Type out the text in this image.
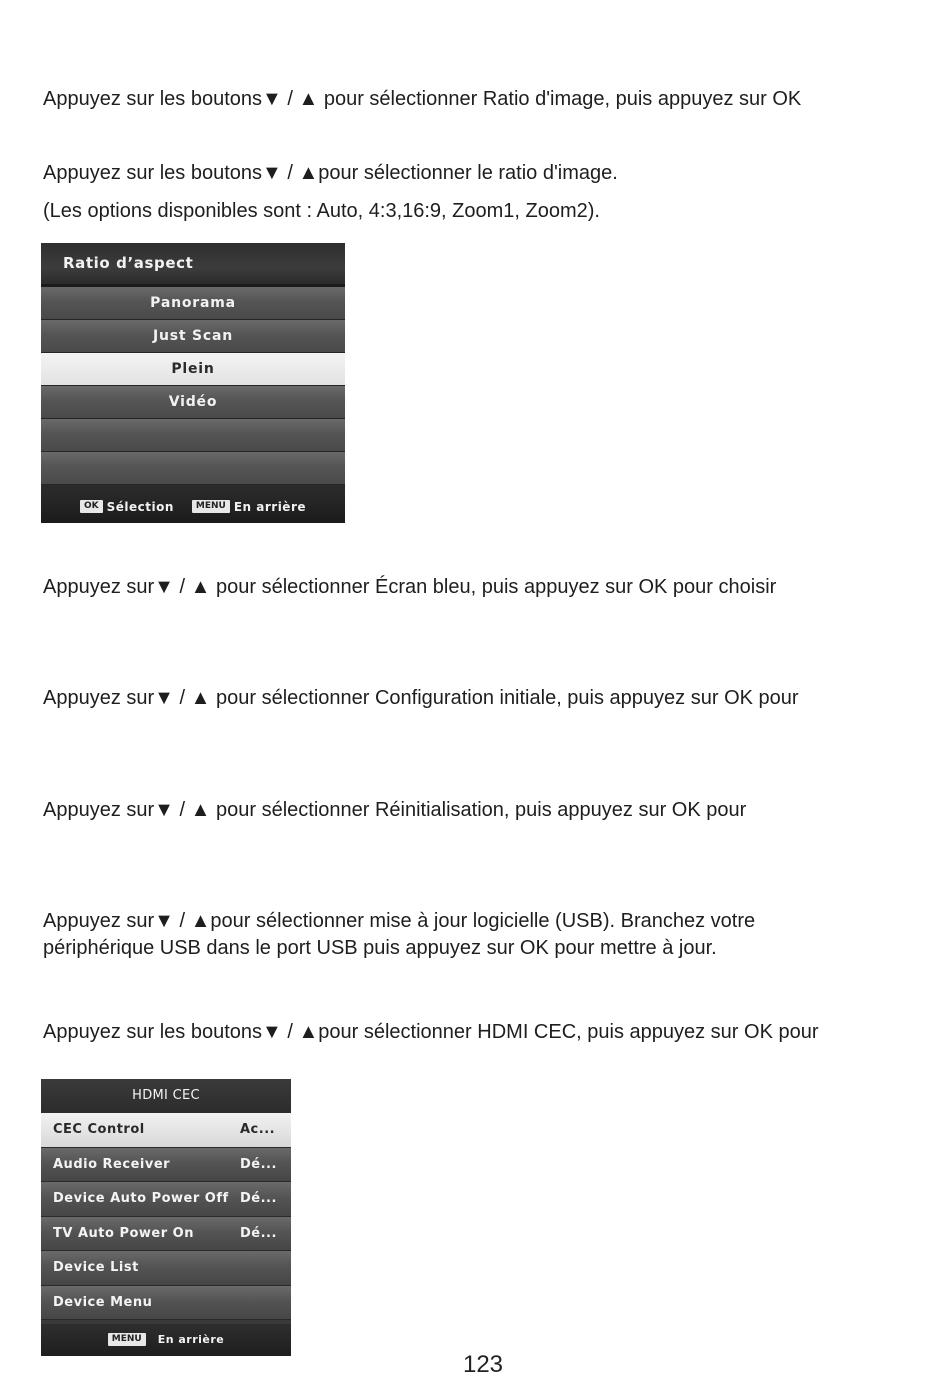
Appuyez sur les boutons▼ / ▲ pour sélectionner Ratio d'image, puis appuyez sur OK

Appuyez sur les boutons▼ / ▲pour sélectionner le ratio d'image.

(Les options disponibles sont : Auto, 4:3,16:9, Zoom1, Zoom2).

Ratio d’aspect
Panorama
Just Scan
Plein
Vidéo
OK Sélection MENU En arrière

Appuyez sur▼ / ▲ pour sélectionner Écran bleu, puis appuyez sur OK pour choisir

Appuyez sur▼ / ▲ pour sélectionner Configuration initiale, puis appuyez sur OK pour

Appuyez sur▼ / ▲ pour sélectionner Réinitialisation, puis appuyez sur OK pour

Appuyez sur▼ / ▲pour sélectionner mise à jour logicielle (USB). Branchez votre

périphérique USB dans le port USB puis appuyez sur OK pour mettre à jour.

Appuyez sur les boutons▼ / ▲pour sélectionner HDMI CEC, puis appuyez sur OK pour

HDMI CEC
CEC Control	Ac...
Audio Receiver	Dé...
Device Auto Power Off Dé...
TV Auto Power On	Dé...
Device List
Device Menu
MENU En arrière
123
